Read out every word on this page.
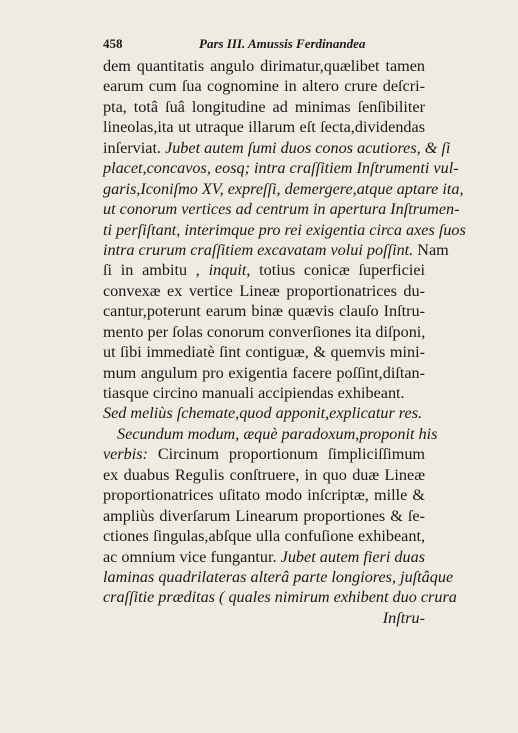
458	Pars III. Amussis Ferdinandea
dem quantitatis angulo dirimatur,quælibet tamen
earum cum ſua cognomine in altero crure deſcri-
pta, totâ ſuâ longitudine ad minimas ſenſibiliter
lineolas,ita ut utraque illarum eſt ſecta,dividendas
inſerviat. Jubet autem ſumi duos conos acutiores, & ſi
placet,concavos, eosq; intra craſſitiem Inſtrumenti vul-
garis,Iconiſmo XV, expreſſi, demergere,atque aptare ita,
ut conorum vertices ad centrum in apertura Inſtrumen-
ti perſiſtant, interimque pro rei exigentia circa axes ſuos
intra crurum craſſitiem excavatam volui poſſint. Nam
ſi in ambitu , inquit, totius conicæ ſuperficiei
convexæ ex vertice Lineæ proportionatrices du-
cantur,poterunt earum binæ quævis clauſo Inſtru-
mento per ſolas conorum converſiones ita diſponi,
ut ſibi immediatè ſint contiguæ, & quemvis mini-
mum angulum pro exigentia facere poſſint,diſtan-
tiasque circino manuali accipiendas exhibeant.
Sed meliùs ſchemate,quod apponit,explicatur res.
Secundum modum, æquè paradoxum,proponit his
verbis: Circinum proportionum ſimpliciſſimum
ex duabus Regulis conſtruere, in quo duæ Lineæ
proportionatrices uſitato modo inſcriptæ, mille &
ampliùs diverſarum Linearum proportiones & ſe-
ctiones ſingulas,abſque ulla confuſione exhibeant,
ac omnium vice fungantur. Jubet autem fieri duas
laminas quadrilateras alterâ parte longiores, juſtâque
craſſitie præditas ( quales nimirum exhibent duo crura
Inſtru-
